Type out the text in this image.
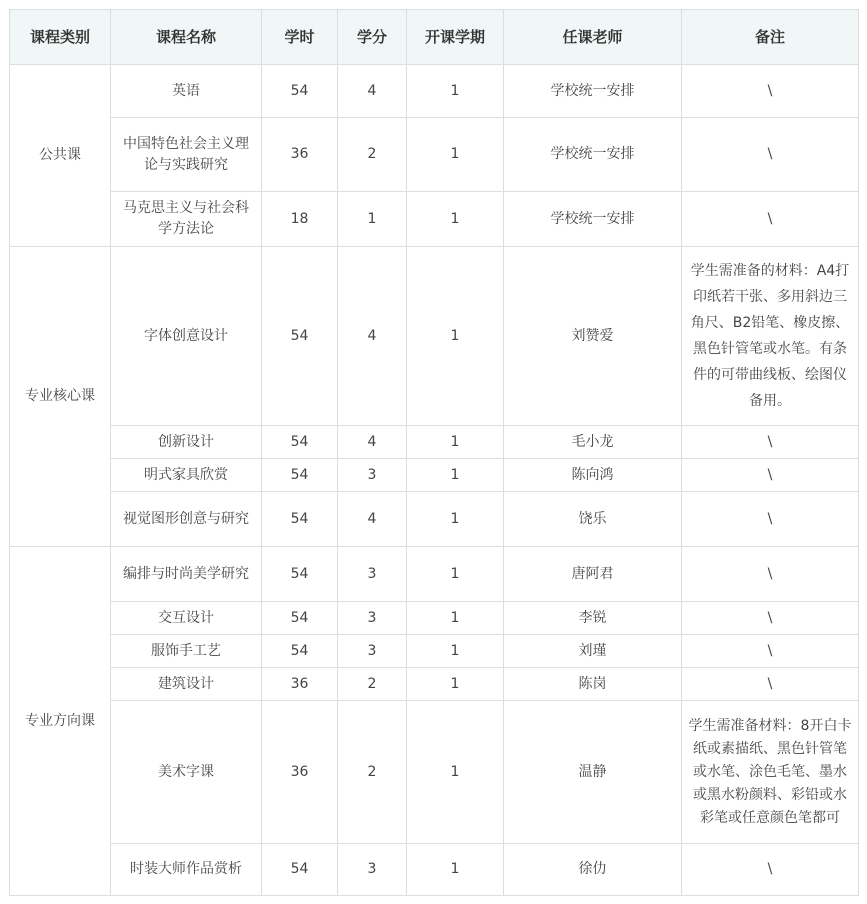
课程类别	课程名称	学时	学分	开课学期	任课老师	备注
公共课	英语	54	4	1	学校统一安排	\
	中国特色社会主义理论与实践研究	36	2	1	学校统一安排	\
	马克思主义与社会科学方法论	18	1	1	学校统一安排	\
专业核心课	字体创意设计	54	4	1	刘赞爱	学生需准备的材料：A4打印纸若干张、多用斜边三角尺、B2铅笔、橡皮擦、黑色针管笔或水笔。有条件的可带曲线板、绘图仪备用。
	创新设计	54	4	1	毛小龙	\
	明式家具欣赏	54	3	1	陈向鸿	\
	视觉图形创意与研究	54	4	1	饶乐	\
专业方向课	编排与时尚美学研究	54	3	1	唐阿君	\
	交互设计	54	3	1	李锐	\
	服饰手工艺	54	3	1	刘瑾	\
	建筑设计	36	2	1	陈岗	\
	美术字课	36	2	1	温静	学生需准备材料：8开白卡纸或素描纸、黑色针管笔或水笔、涂色毛笔、墨水或黑水粉颜料、彩铅或水彩笔或任意颜色笔都可
	时装大师作品赏析	54	3	1	徐仂	\
